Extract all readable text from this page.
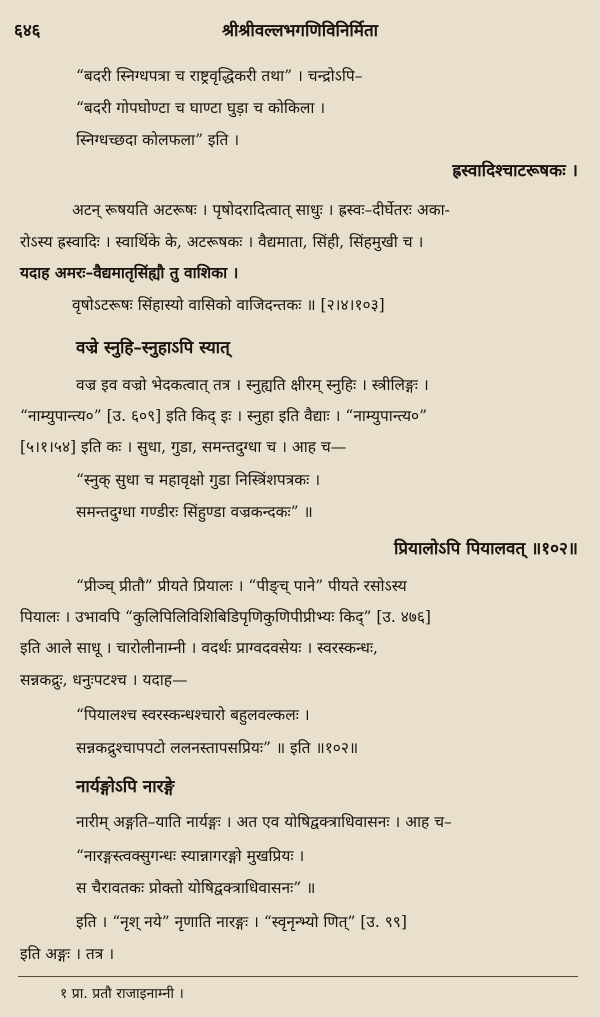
६४६	श्रीश्रीवल्लभगणिविनिर्मिता
“बदरी स्निग्धपत्रा च राष्ट्रवृद्धिकरी तथा” । चन्द्रोऽपि–
“बदरी गोपघोण्टा च घाण्टा घुड़ा च कोकिला ।
स्निग्धच्छदा कोलफला” इति ।
ह्रस्वादिश्चाटरूषकः ।
अटन् रूषयति अटरूषः । पृषोदरादित्वात् साधुः । ह्रस्वः–दीर्घेतरः अका-
रोऽस्य ह्रस्वादिः । स्वार्थिके के, अटरूषकः । वैद्यमाता, सिंही, सिंहमुखी च ।
यदाह अमरः–वैद्यमातृसिंह्यौ तु वाशिका ।
वृषोऽटरूषः सिंहास्यो वासिको वाजिदन्तकः ॥ [२।४।१०३]
वज्रे स्नुहि–स्नुहाऽपि स्यात्
वज्र इव वज्रो भेदकत्वात् तत्र । स्नुह्यति क्षीरम् स्नुहिः । स्त्रीलिङ्गः ।
“नाम्युपान्त्य०” [उ. ६०९] इति किद् इः । स्नुहा इति वैद्याः । “नाम्युपान्त्य०”
[५।१।५४] इति कः । सुधा, गुडा, समन्तदुग्धा च । आह च—
“स्नुक् सुधा च महावृक्षो गुडा निस्त्रिंशपत्रकः ।
समन्तदुग्धा गण्डीरः सिंहुण्डा वज्रकन्दकः” ॥
प्रियालोऽपि पियालवत् ॥१०२॥
“प्रीञ्च् प्रीतौ” प्रीयते प्रियालः । “पीङ्च् पाने” पीयते रसोऽस्य
पियालः । उभावपि “कुलिपिलिविशिबिडिपृणिकुणिपीप्रीभ्यः किद्” [उ. ४७६]
इति आले साधू । चारोलीनाम्नी । वदर्थः प्राग्वदवसेयः । स्वरस्कन्धः,
सन्नकद्रुः, धनुःपटश्च । यदाह—
“पियालश्च स्वरस्कन्धश्चारो बहुलवल्कलः ।
सन्नकद्रुश्चापपटो ललनस्तापसप्रियः” ॥ इति ॥१०२॥
नार्यङ्गोऽपि नारङ्गे
नारीम् अङ्गति–याति नार्यङ्गः । अत एव योषिद्वक्त्राधिवासनः । आह च–
“नारङ्गस्त्वक्सुगन्धः स्यान्नागरङ्गो मुखप्रियः ।
स चैरावतकः प्रोक्तो योषिद्वक्त्राधिवासनः” ॥
इति । “नृश् नये” नृणाति नारङ्गः । “स्वृनृन्भ्यो णित्” [उ. ९९]
इति अङ्गः । तत्र ।
१ प्रा. प्रतौ राजाइनाम्नी ।
